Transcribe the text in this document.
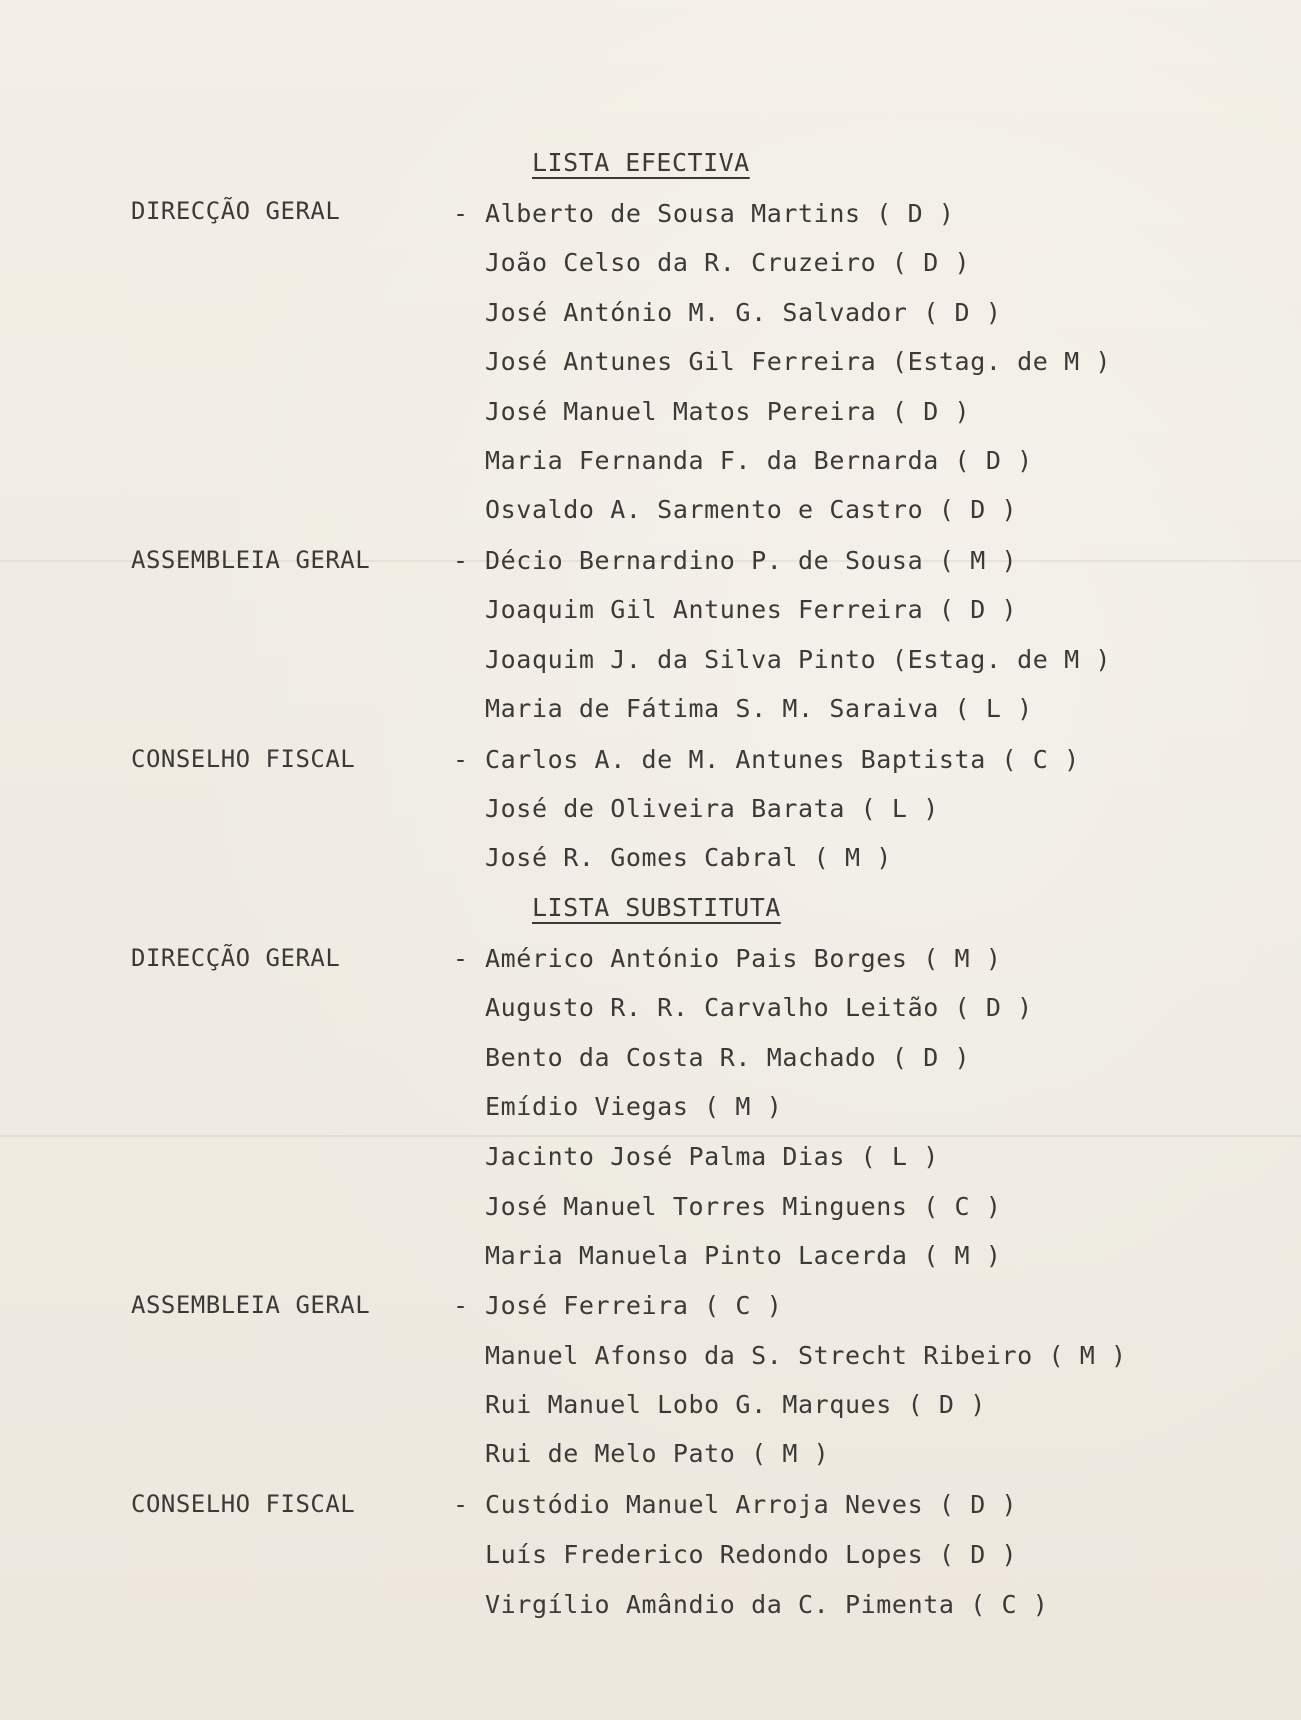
LISTA EFECTIVA
DIRECÇÃO GERAL	- Alberto de Sousa Martins ( D )
João Celso da R. Cruzeiro ( D )
José António M. G. Salvador ( D )
José Antunes Gil Ferreira (Estag. de M )
José Manuel Matos Pereira ( D )
Maria Fernanda F. da Bernarda ( D )
Osvaldo A. Sarmento e Castro ( D )
ASSEMBLEIA GERAL	- Décio Bernardino P. de Sousa ( M )
Joaquim Gil Antunes Ferreira ( D )
Joaquim J. da Silva Pinto (Estag. de M )
Maria de Fátima S. M. Saraiva ( L )
CONSELHO FISCAL	- Carlos A. de M. Antunes Baptista ( C )
José de Oliveira Barata ( L )
José R. Gomes Cabral ( M )
LISTA SUBSTITUTA
DIRECÇÃO GERAL	- Américo António Pais Borges ( M )
Augusto R. R. Carvalho Leitão ( D )
Bento da Costa R. Machado ( D )
Emídio Viegas ( M )
Jacinto José Palma Dias ( L )
José Manuel Torres Minguens ( C )
Maria Manuela Pinto Lacerda ( M )
ASSEMBLEIA GERAL	- José Ferreira ( C )
Manuel Afonso da S. Strecht Ribeiro ( M )
Rui Manuel Lobo G. Marques ( D )
Rui de Melo Pato ( M )
CONSELHO FISCAL	- Custódio Manuel Arroja Neves ( D )
Luís Frederico Redondo Lopes ( D )
Virgílio Amândio da C. Pimenta ( C )
